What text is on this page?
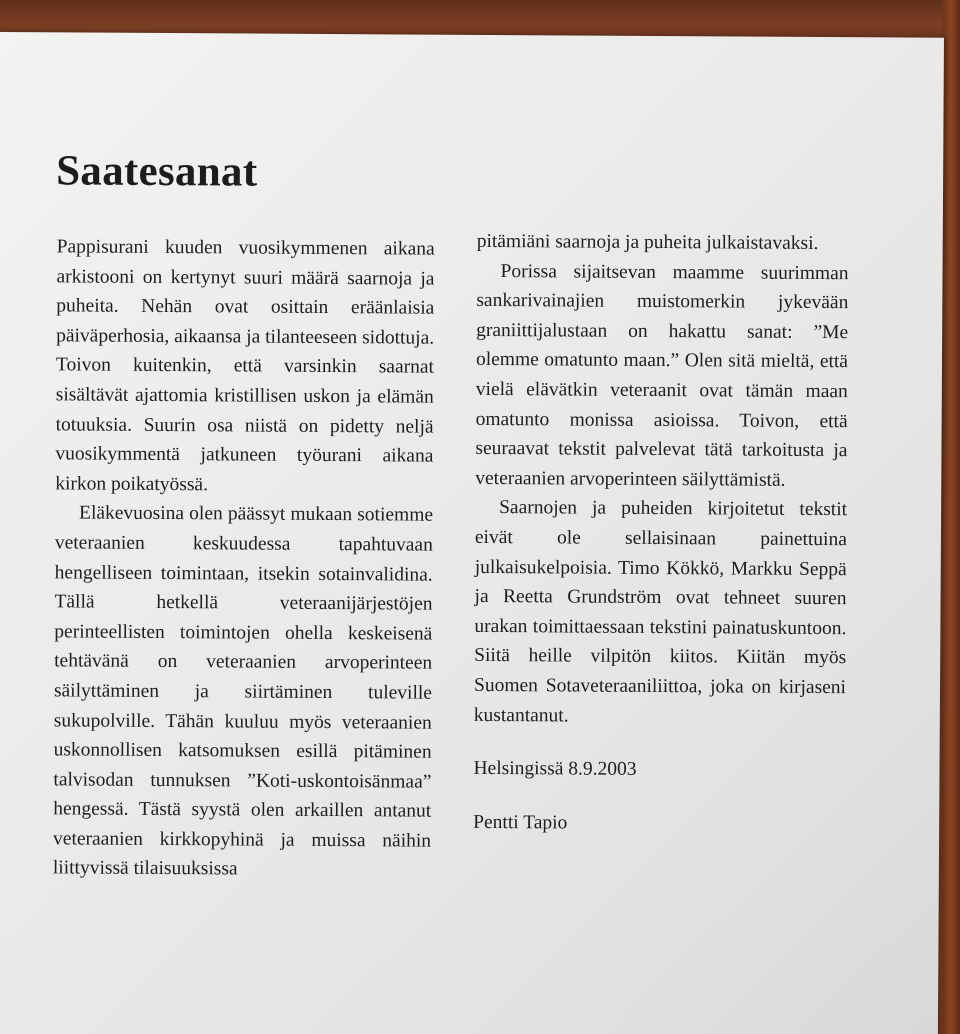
Saatesanat

Pappisurani kuuden vuosikymmenen aikana arkistooni on kertynyt suuri määrä saarnoja ja puheita. Nehän ovat osittain eräänlaisia päiväperhosia, aikaansa ja tilanteeseen sidottuja. Toivon kuitenkin, että varsinkin saarnat sisältävät ajattomia kristillisen uskon ja elämän totuuksia. Suurin osa niistä on pidetty neljä vuosikymmentä jatkuneen työurani aikana kirkon poikatyössä.

Eläkevuosina olen päässyt mukaan sotiemme veteraanien keskuudessa tapahtuvaan hengelliseen toimintaan, itsekin sotainvalidina. Tällä hetkellä veteraanijärjestöjen perinteellisten toimintojen ohella keskeisenä tehtävänä on veteraanien arvoperinteen säilyttäminen ja siirtäminen tuleville sukupolville. Tähän kuuluu myös veteraanien uskonnollisen katsomuksen esillä pitäminen talvisodan tunnuksen ”Koti-uskontoisänmaa” hengessä. Tästä syystä olen arkaillen antanut veteraanien kirkkopyhinä ja muissa näihin liittyvissä tilaisuuksissa

pitämiäni saarnoja ja puheita julkaistavaksi.

Porissa sijaitsevan maamme suurimman sankarivainajien muistomerkin jykevään graniittijalustaan on hakattu sanat: ”Me olemme omatunto maan.” Olen sitä mieltä, että vielä elävätkin veteraanit ovat tämän maan omatunto monissa asioissa. Toivon, että seuraavat tekstit palvelevat tätä tarkoitusta ja veteraanien arvoperinteen säilyttämistä.

Saarnojen ja puheiden kirjoitetut tekstit eivät ole sellaisinaan painettuina julkaisukelpoisia. Timo Kökkö, Markku Seppä ja Reetta Grundström ovat tehneet suuren urakan toimittaessaan tekstini painatuskuntoon. Siitä heille vilpitön kiitos. Kiitän myös Suomen Sotaveteraaniliittoa, joka on kirjaseni kustantanut.

Helsingissä 8.9.2003

Pentti Tapio
